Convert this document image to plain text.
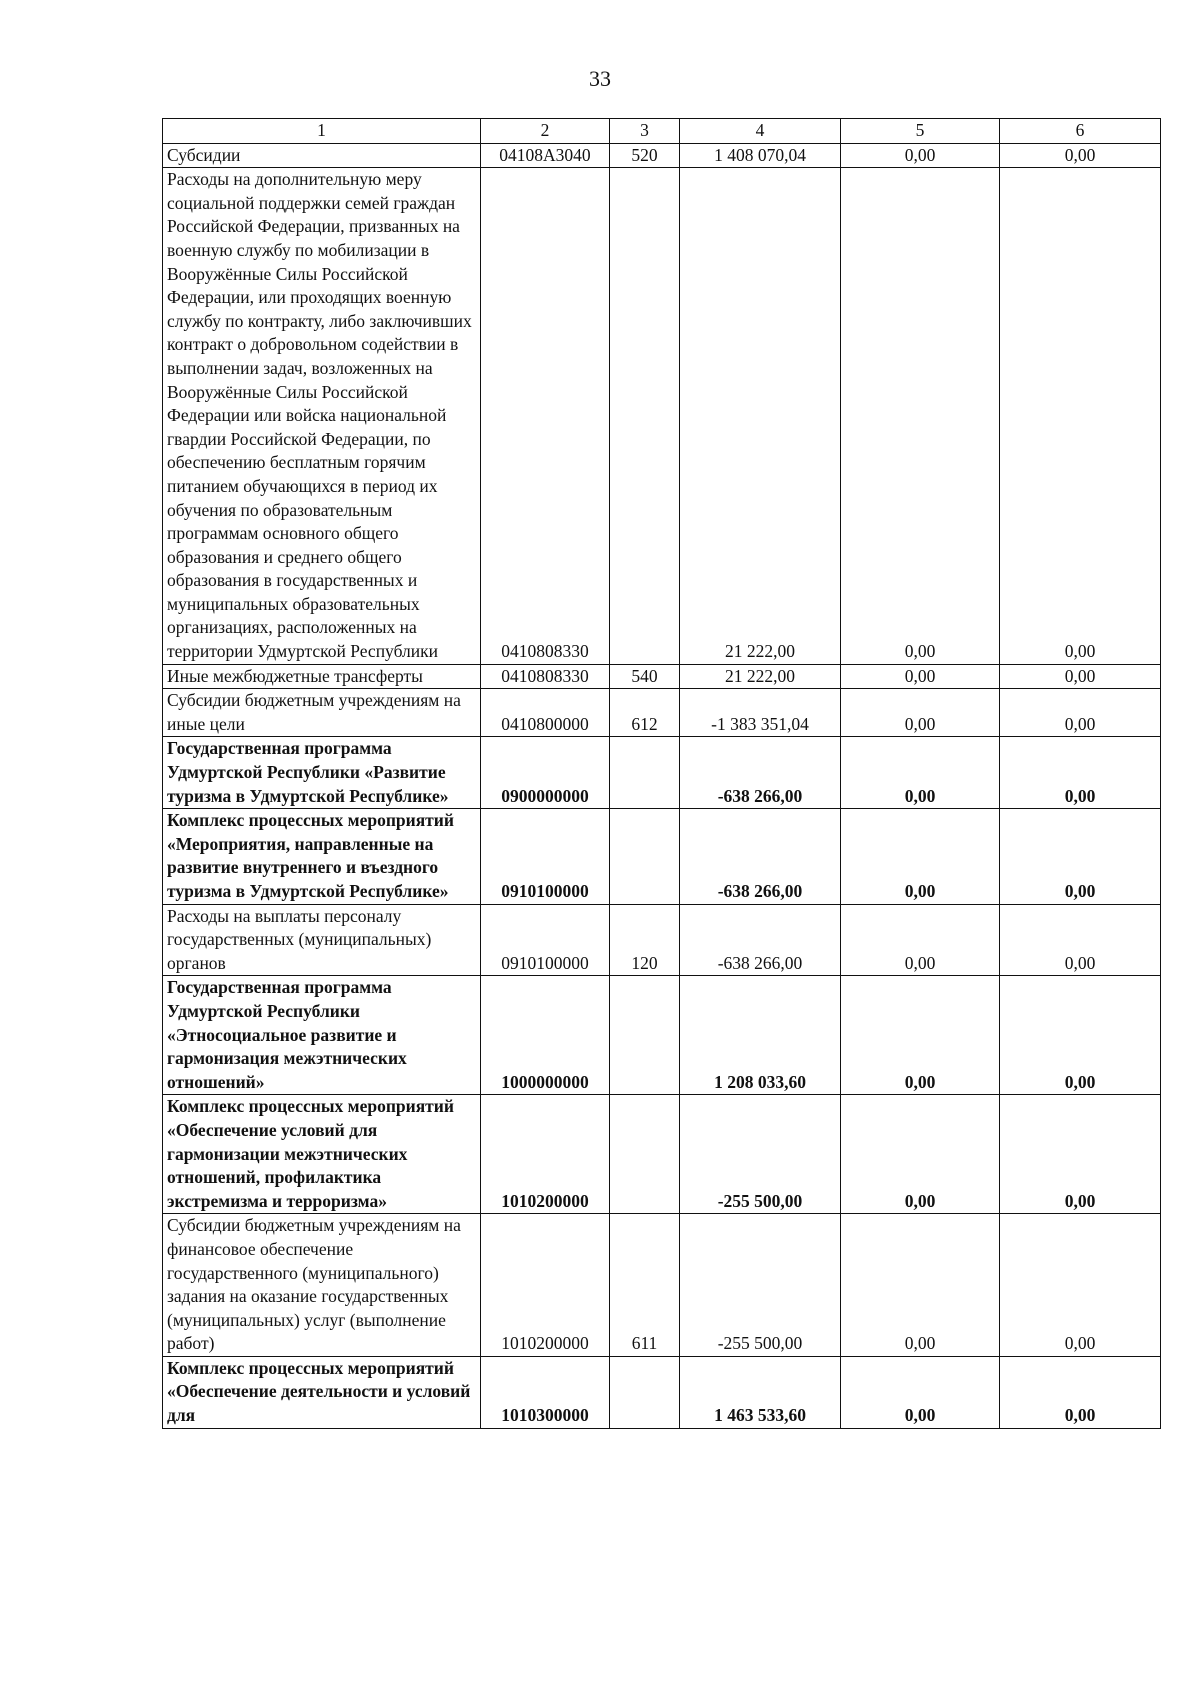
33
1	2	3	4	5	6
Субсидии	04108A3040	520	1 408 070,04	0,00	0,00
Расходы на дополнительную меру социальной поддержки семей граждан Российской Федерации, призванных на военную службу по мобилизации в Вооружённые Силы Российской Федерации, или проходящих военную службу по контракту, либо заключивших контракт о добровольном содействии в выполнении задач, возложенных на Вооружённые Силы Российской Федерации или войска национальной гвардии Российской Федерации, по обеспечению бесплатным горячим питанием обучающихся в период их обучения по образовательным программам основного общего образования и среднего общего образования в государственных и муниципальных образовательных организациях, расположенных на территории Удмуртской Республики	0410808330		21 222,00	0,00	0,00
Иные межбюджетные трансферты	0410808330	540	21 222,00	0,00	0,00
Субсидии бюджетным учреждениям на иные цели	0410800000	612	-1 383 351,04	0,00	0,00
Государственная программа Удмуртской Республики «Развитие туризма в Удмуртской Республике»	0900000000		-638 266,00	0,00	0,00
Комплекс процессных мероприятий «Мероприятия, направленные на развитие внутреннего и въездного туризма в Удмуртской Республике»	0910100000		-638 266,00	0,00	0,00
Расходы на выплаты персоналу государственных (муниципальных) органов	0910100000	120	-638 266,00	0,00	0,00
Государственная программа Удмуртской Республики «Этносоциальное развитие и гармонизация межэтнических отношений»	1000000000		1 208 033,60	0,00	0,00
Комплекс процессных мероприятий «Обеспечение условий для гармонизации межэтнических отношений, профилактика экстремизма и терроризма»	1010200000		-255 500,00	0,00	0,00
Субсидии бюджетным учреждениям на финансовое обеспечение государственного (муниципального) задания на оказание государственных (муниципальных) услуг (выполнение работ)	1010200000	611	-255 500,00	0,00	0,00
Комплекс процессных мероприятий «Обеспечение деятельности и условий для	1010300000		1 463 533,60	0,00	0,00
